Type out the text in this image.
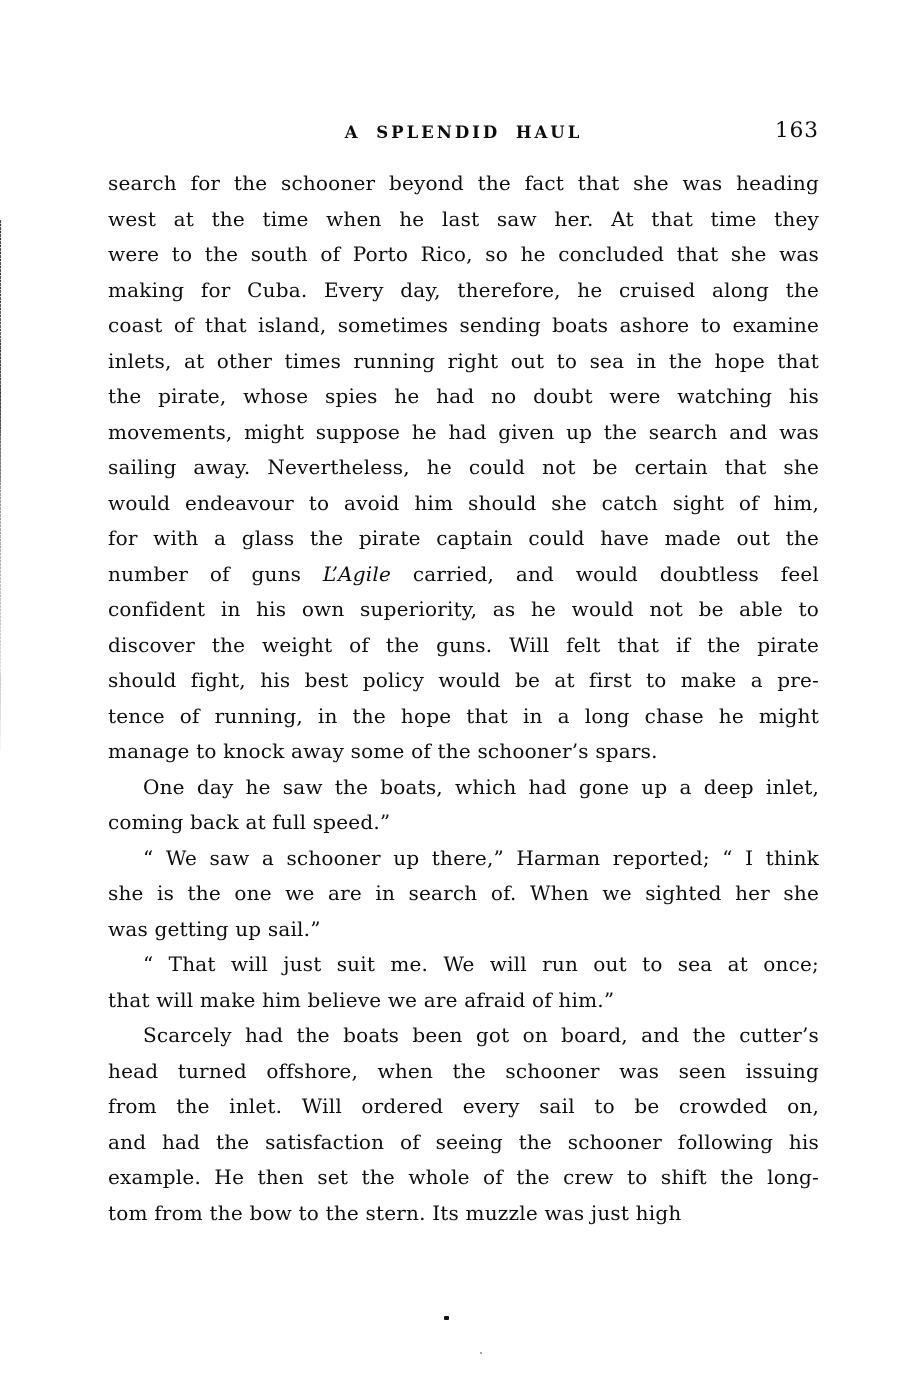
A SPLENDID HAUL	163
search for the schooner beyond the fact that she was heading
west at the time when he last saw her. At that time they
were to the south of Porto Rico, so he concluded that she was
making for Cuba. Every day, therefore, he cruised along the
coast of that island, sometimes sending boats ashore to examine
inlets, at other times running right out to sea in the hope that
the pirate, whose spies he had no doubt were watching his
movements, might suppose he had given up the search and was
sailing away. Nevertheless, he could not be certain that she
would endeavour to avoid him should she catch sight of him,
for with a glass the pirate captain could have made out the
number of guns L’Agile carried, and would doubtless feel
confident in his own superiority, as he would not be able to
discover the weight of the guns. Will felt that if the pirate
should fight, his best policy would be at first to make a pre-
tence of running, in the hope that in a long chase he might
manage to knock away some of the schooner’s spars.
One day he saw the boats, which had gone up a deep inlet,
coming back at full speed.”
“ We saw a schooner up there,” Harman reported; “ I think
she is the one we are in search of. When we sighted her she
was getting up sail.”
“ That will just suit me. We will run out to sea at once;
that will make him believe we are afraid of him.”
Scarcely had the boats been got on board, and the cutter’s
head turned offshore, when the schooner was seen issuing
from the inlet. Will ordered every sail to be crowded on,
and had the satisfaction of seeing the schooner following his
example. He then set the whole of the crew to shift the long-
tom from the bow to the stern. Its muzzle was just high
